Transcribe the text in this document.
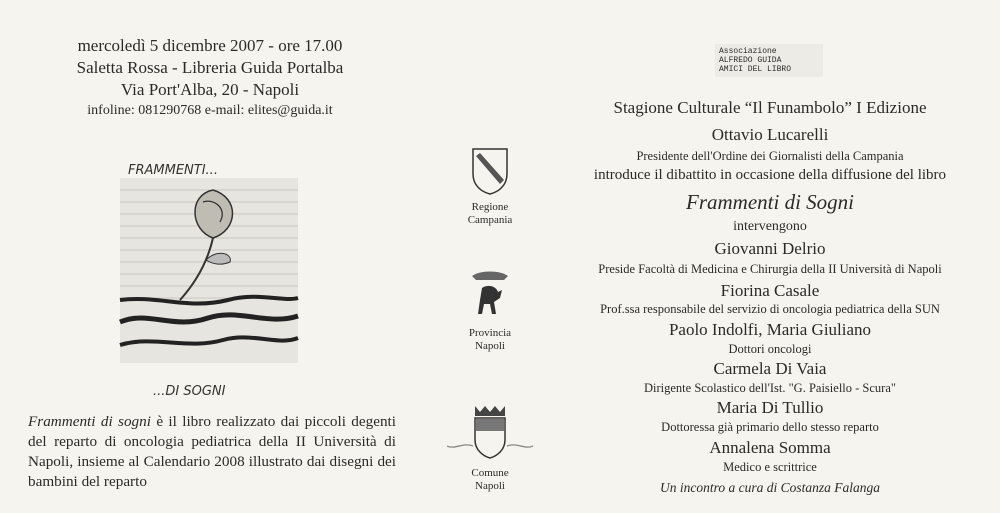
mercoledì 5 dicembre 2007 - ore 17.00
Saletta Rossa - Libreria Guida Portalba
Via Port'Alba, 20 - Napoli
infoline: 081290768 e-mail: elites@guida.it
FRAMMENTI...
...DI SOGNI
Frammenti di sogni è il libro realizzato dai piccoli degenti del reparto di oncologia pediatrica della II Università di Napoli, insieme al Calendario 2008 illustrato dai disegni dei bambini del reparto
Regione
Campania
Provincia
Napoli
Comune
Napoli
Associazione
ALFREDO GUIDA
AMICI DEL LIBRO
Stagione Culturale “Il Funambolo” I Edizione
Ottavio Lucarelli
Presidente dell'Ordine dei Giornalisti della Campania
introduce il dibattito in occasione della diffusione del libro
Frammenti di Sogni
intervengono
Giovanni Delrio
Preside Facoltà di Medicina e Chirurgia della II Università di Napoli
Fiorina Casale
Prof.ssa responsabile del servizio di oncologia pediatrica della SUN
Paolo Indolfi, Maria Giuliano
Dottori oncologi
Carmela Di Vaia
Dirigente Scolastico dell'Ist. "G. Paisiello - Scura"
Maria Di Tullio
Dottoressa già primario dello stesso reparto
Annalena Somma
Medico e scrittrice
Un incontro a cura di Costanza Falanga
